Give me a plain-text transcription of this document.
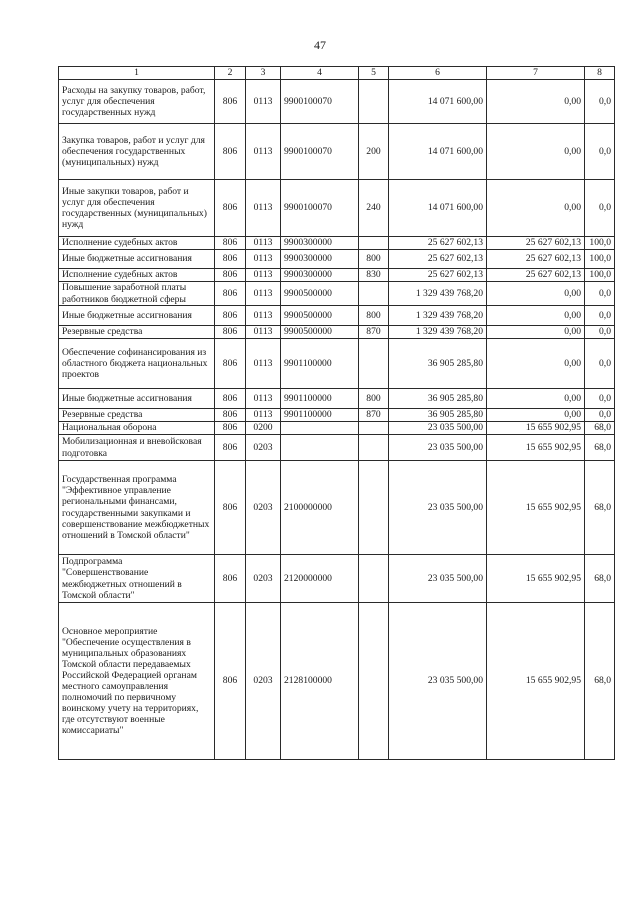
47
1	2	3	4	5	6	7	8
Расходы на закупку товаров, работ, услуг для обеспечения государственных нужд	806	0113	9900100070		14 071 600,00	0,00	0,0
Закупка товаров, работ и услуг для обеспечения государственных (муниципальных) нужд	806	0113	9900100070	200	14 071 600,00	0,00	0,0
Иные закупки товаров, работ и услуг для обеспечения государственных (муниципальных) нужд	806	0113	9900100070	240	14 071 600,00	0,00	0,0
Исполнение судебных актов	806	0113	9900300000		25 627 602,13	25 627 602,13	100,0
Иные бюджетные ассигнования	806	0113	9900300000	800	25 627 602,13	25 627 602,13	100,0
Исполнение судебных актов	806	0113	9900300000	830	25 627 602,13	25 627 602,13	100,0
Повышение заработной платы работников бюджетной сферы	806	0113	9900500000		1 329 439 768,20	0,00	0,0
Иные бюджетные ассигнования	806	0113	9900500000	800	1 329 439 768,20	0,00	0,0
Резервные средства	806	0113	9900500000	870	1 329 439 768,20	0,00	0,0
Обеспечение софинансирования из областного бюджета национальных проектов	806	0113	9901100000		36 905 285,80	0,00	0,0
Иные бюджетные ассигнования	806	0113	9901100000	800	36 905 285,80	0,00	0,0
Резервные средства	806	0113	9901100000	870	36 905 285,80	0,00	0,0
Национальная оборона	806	0200			23 035 500,00	15 655 902,95	68,0
Мобилизационная и вневойсковая подготовка	806	0203			23 035 500,00	15 655 902,95	68,0
Государственная программа "Эффективное управление региональными финансами, государственными закупками и совершенствование межбюджетных отношений в Томской области"	806	0203	2100000000		23 035 500,00	15 655 902,95	68,0
Подпрограмма "Совершенствование межбюджетных отношений в Томской области"	806	0203	2120000000		23 035 500,00	15 655 902,95	68,0
Основное мероприятие "Обеспечение осуществления в муниципальных образованиях Томской области передаваемых Российской Федерацией органам местного самоуправления полномочий по первичному воинскому учету на территориях, где отсутствуют военные комиссариаты"	806	0203	2128100000		23 035 500,00	15 655 902,95	68,0
